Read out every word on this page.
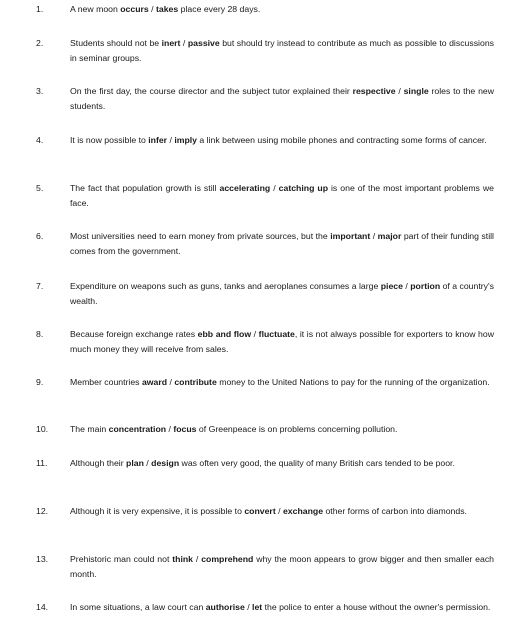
1.	A new moon occurs / takes place every 28 days.
2.	Students should not be inert / passive but should try instead to contribute as much as possible to discussions in seminar groups.
3.	On the first day, the course director and the subject tutor explained their respective / single roles to the new students.
4.	It is now possible to infer / imply a link between using mobile phones and contracting some forms of cancer.
5.	The fact that population growth is still accelerating / catching up is one of the most important problems we face.
6.	Most universities need to earn money from private sources, but the important / major part of their funding still comes from the government.
7.	Expenditure on weapons such as guns, tanks and aeroplanes consumes a large piece / portion of a country's wealth.
8.	Because foreign exchange rates ebb and flow / fluctuate, it is not always possible for exporters to know how much money they will receive from sales.
9.	Member countries award / contribute money to the United Nations to pay for the running of the organization.
10.	The main concentration / focus of Greenpeace is on problems concerning pollution.
11.	Although their plan / design was often very good, the quality of many British cars tended to be poor.
12.	Although it is very expensive, it is possible to convert / exchange other forms of carbon into diamonds.
13.	Prehistoric man could not think / comprehend why the moon appears to grow bigger and then smaller each month.
14.	In some situations, a law court can authorise / let the police to enter a house without the owner's permission.
